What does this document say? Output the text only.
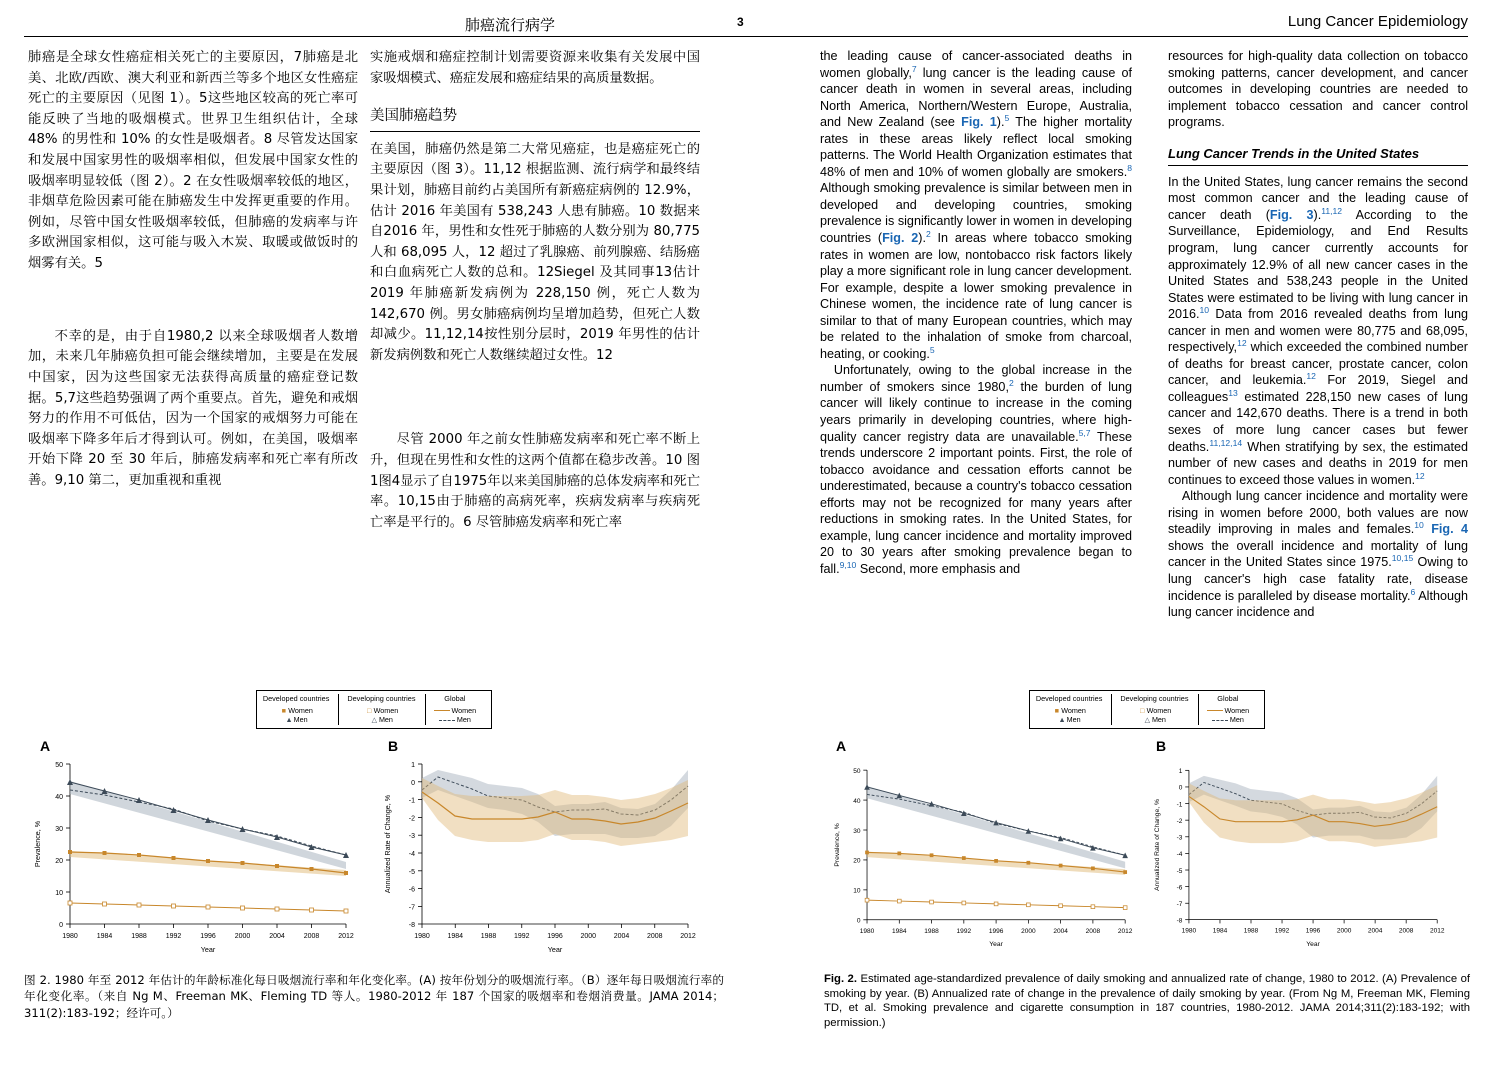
肺癌流行病学	3	Lung Cancer Epidemiology

肺癌是全球女性癌症相关死亡的主要原因，7肺癌是北美、北欧/西欧、澳大利亚和新西兰等多个地区女性癌症死亡的主要原因（见图 1）。5这些地区较高的死亡率可能反映了当地的吸烟模式。世界卫生组织估计，全球 48% 的男性和 10% 的女性是吸烟者。8 尽管发达国家和发展中国家男性的吸烟率相似，但发展中国家女性的吸烟率明显较低（图 2）。2 在女性吸烟率较低的地区，非烟草危险因素可能在肺癌发生中发挥更重要的作用。例如，尽管中国女性吸烟率较低，但肺癌的发病率与许多欧洲国家相似，这可能与吸入木炭、取暖或做饭时的烟雾有关。5

不幸的是，由于自1980,2 以来全球吸烟者人数增加，未来几年肺癌负担可能会继续增加，主要是在发展中国家，因为这些国家无法获得高质量的癌症登记数据。5,7这些趋势强调了两个重要点。首先，避免和戒烟努力的作用不可低估，因为一个国家的戒烟努力可能在吸烟率下降多年后才得到认可。例如，在美国，吸烟率开始下降 20 至 30 年后，肺癌发病率和死亡率有所改善。9,10 第二，更加重视和重视

实施戒烟和癌症控制计划需要资源来收集有关发展中国家吸烟模式、癌症发展和癌症结果的高质量数据。

美国肺癌趋势

在美国，肺癌仍然是第二大常见癌症，也是癌症死亡的主要原因（图 3）。11,12 根据监测、流行病学和最终结果计划，肺癌目前约占美国所有新癌症病例的 12.9%，估计 2016 年美国有 538,243 人患有肺癌。10 数据来自2016 年，男性和女性死于肺癌的人数分别为 80,775 人和 68,095 人，12 超过了乳腺癌、前列腺癌、结肠癌和白血病死亡人数的总和。12Siegel 及其同事13估计 2019 年肺癌新发病例为 228,150 例，死亡人数为 142,670 例。男女肺癌病例均呈增加趋势，但死亡人数却减少。11,12,14按性别分层时，2019 年男性的估计新发病例数和死亡人数继续超过女性。12

尽管 2000 年之前女性肺癌发病率和死亡率不断上升，但现在男性和女性的这两个值都在稳步改善。10 图1图4显示了自1975年以来美国肺癌的总体发病率和死亡率。10,15由于肺癌的高病死率，疾病发病率与疾病死亡率是平行的。6 尽管肺癌发病率和死亡率

the leading cause of cancer-associated deaths in women globally,$^7$ lung cancer is the leading cause of cancer death in women in several areas, including North America, Northern/Western Europe, Australia, and New Zealand (see Fig. 1).$^5$ The higher mortality rates in these areas likely reflect local smoking patterns. The World Health Organization estimates that 48% of men and 10% of women globally are smokers.$^8$ Although smoking prevalence is similar between men in developed and developing countries, smoking prevalence is significantly lower in women in developing countries (Fig. 2).$^2$ In areas where tobacco smoking rates in women are low, nontobacco risk factors likely play a more significant role in lung cancer development. For example, despite a lower smoking prevalence in Chinese women, the incidence rate of lung cancer is similar to that of many European countries, which may be related to the inhalation of smoke from charcoal, heating, or cooking.$^5$

Unfortunately, owing to the global increase in the number of smokers since 1980,$^2$ the burden of lung cancer will likely continue to increase in the coming years primarily in developing countries, where high-quality cancer registry data are unavailable.$^{5,7}$ These trends underscore 2 important points. First, the role of tobacco avoidance and cessation efforts cannot be underestimated, because a country's tobacco cessation efforts may not be recognized for many years after reductions in smoking rates. In the United States, for example, lung cancer incidence and mortality improved 20 to 30 years after smoking prevalence began to fall.$^{9,10}$ Second, more emphasis and

resources for high-quality data collection on tobacco smoking patterns, cancer development, and cancer outcomes in developing countries are needed to implement tobacco cessation and cancer control programs.

Lung Cancer Trends in the United States

In the United States, lung cancer remains the second most common cancer and the leading cause of cancer death (Fig. 3).$^{11,12}$ According to the Surveillance, Epidemiology, and End Results program, lung cancer currently accounts for approximately 12.9% of all new cancer cases in the United States and 538,243 people in the United States were estimated to be living with lung cancer in 2016.10 Data from 2016 revealed deaths from lung cancer in men and women were 80,775 and 68,095, respectively,$^{12}$ which exceeded the combined number of deaths for breast cancer, prostate cancer, colon cancer, and leukemia.$^{12}$ For 2019, Siegel and colleagues$^{13}$ estimated 228,150 new cases of lung cancer and 142,670 deaths. There is a trend in both sexes of more lung cancer cases but fewer deaths.$^{11,12,14}$ When stratifying by sex, the estimated number of new cases and deaths in 2019 for men continues to exceed those values in women.$^{12}$

Although lung cancer incidence and mortality were rising in women before 2000, both values are now steadily improving in males and females.$^{10}$ Fig. 4 shows the overall incidence and mortality of lung cancer in the United States since 1975.$^{10,15}$ Owing to lung cancer's high case fatality rate, disease incidence is paralleled by disease mortality.$^6$ Although lung cancer incidence and

Developed countries	Developing countries	Global
■ Women	□ Women	Women
▲Men	△ Men	Men
A	B
50
40
30
20
10
0
1980	1984	1988	1992	1996	2000	2004	2008	2012
Year
Prevalence, %
1
0
-1
-2
-3
-4
-5
-6
-7
-8
1980	1984	1988	1992	1996	2000	2004	2008	2012
Year
Annualized Rate of Change, %
图 2. 1980 年至 2012 年估计的年龄标准化每日吸烟流行率和年化变化率。(A) 按年份划分的吸烟流行率。（B）逐年每日吸烟流行率的年化变化率。（来自 Ng M、Freeman MK、Fleming TD 等人。1980-2012 年 187 个国家的吸烟率和卷烟消费量。JAMA 2014；311(2):183-192；经许可。）
Developed countries	Developing countries	Global
■ Women	□ Women	Women
▲Men	△ Men	Men
A	B
50
40
30
20
10
0
1980	1984	1988	1992	1996	2000	2004	2008	2012
Year
Prevalence, %
1
0
-1
-2
-3
-4
-5
-6
-7
-8
1980 1984 1988 1992 1996 2000 2004 2008 2012
Year
Annualized Rate of Change, %
Fig. 2. Estimated age-standardized prevalence of daily smoking and annualized rate of change, 1980 to 2012. (A) Prevalence of smoking by year. (B) Annualized rate of change in the prevalence of daily smoking by year. (From Ng M, Freeman MK, Fleming TD, et al. Smoking prevalence and cigarette consumption in 187 countries, 1980-2012. JAMA 2014;311(2):183-192; with permission.)
